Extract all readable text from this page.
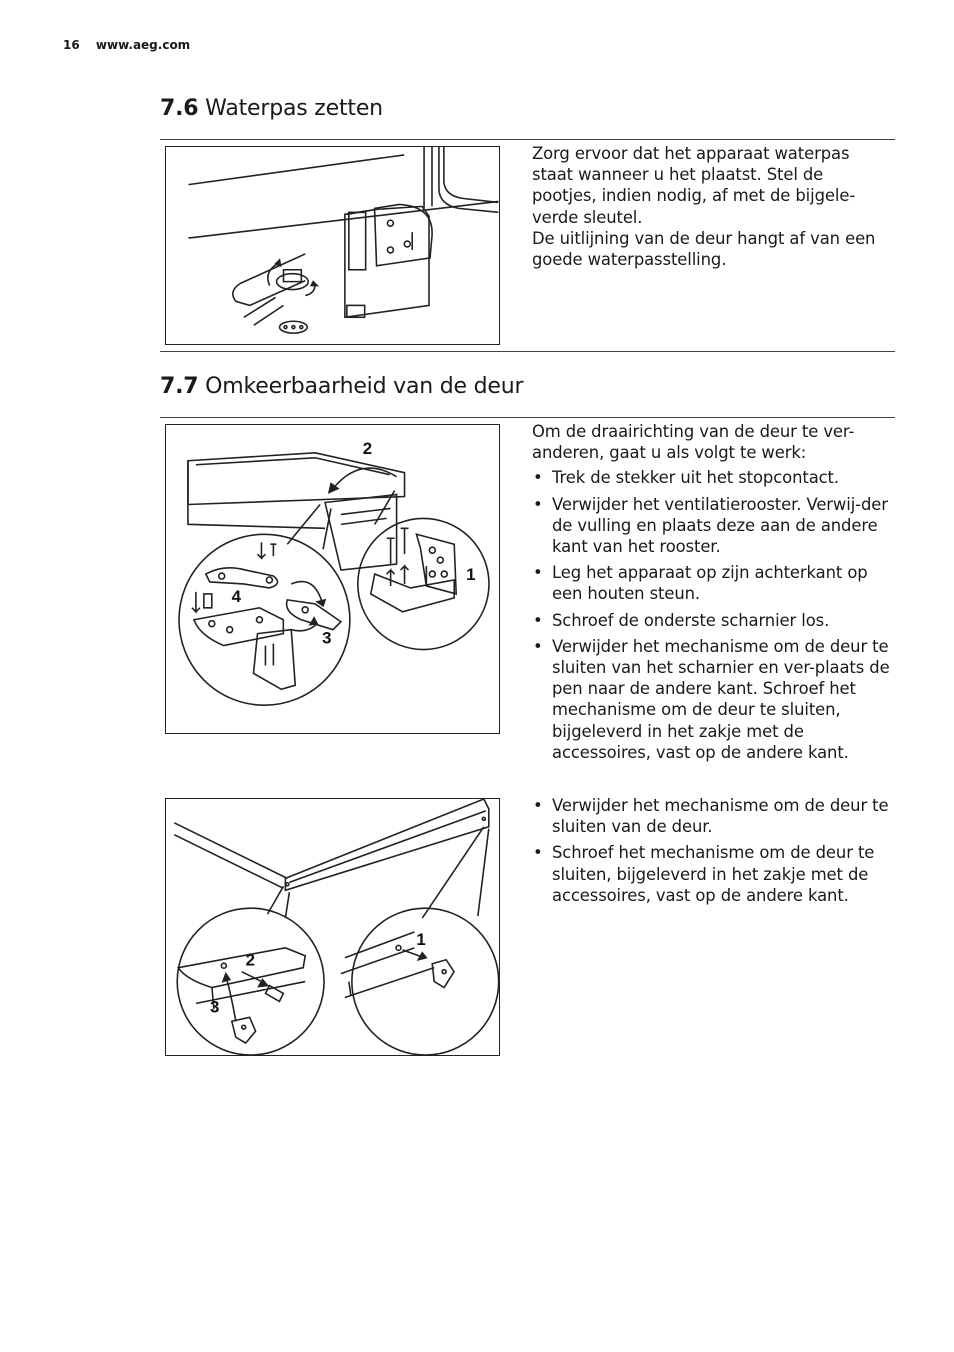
16 www.aeg.com
7.6 Waterpas zetten

Zorg ervoor dat het apparaat waterpas staat wanneer u het plaatst. Stel de pootjes, indien nodig, af met de bijgele-verde sleutel.

De uitlijning van de deur hangt af van een goede waterpasstelling.

7.7 Omkeerbaarheid van de deur
2
1
3
4

Om de draairichting van de deur te ver-anderen, gaat u als volgt te werk:

• Trek de stekker uit het stopcontact.
• Verwijder het ventilatierooster. Verwij-der de vulling en plaats deze aan de andere kant van het rooster.
• Leg het apparaat op zijn achterkant op een houten steun.
• Schroef de onderste scharnier los.
• Verwijder het mechanisme om de deur te sluiten van het scharnier en ver-plaats de pen naar de andere kant. Schroef het mechanisme om de deur te sluiten, bijgeleverd in het zakje met de accessoires, vast op de andere kant.
1
2
3
• Verwijder het mechanisme om de deur te sluiten van de deur.
• Schroef het mechanisme om de deur te sluiten, bijgeleverd in het zakje met de accessoires, vast op de andere kant.
